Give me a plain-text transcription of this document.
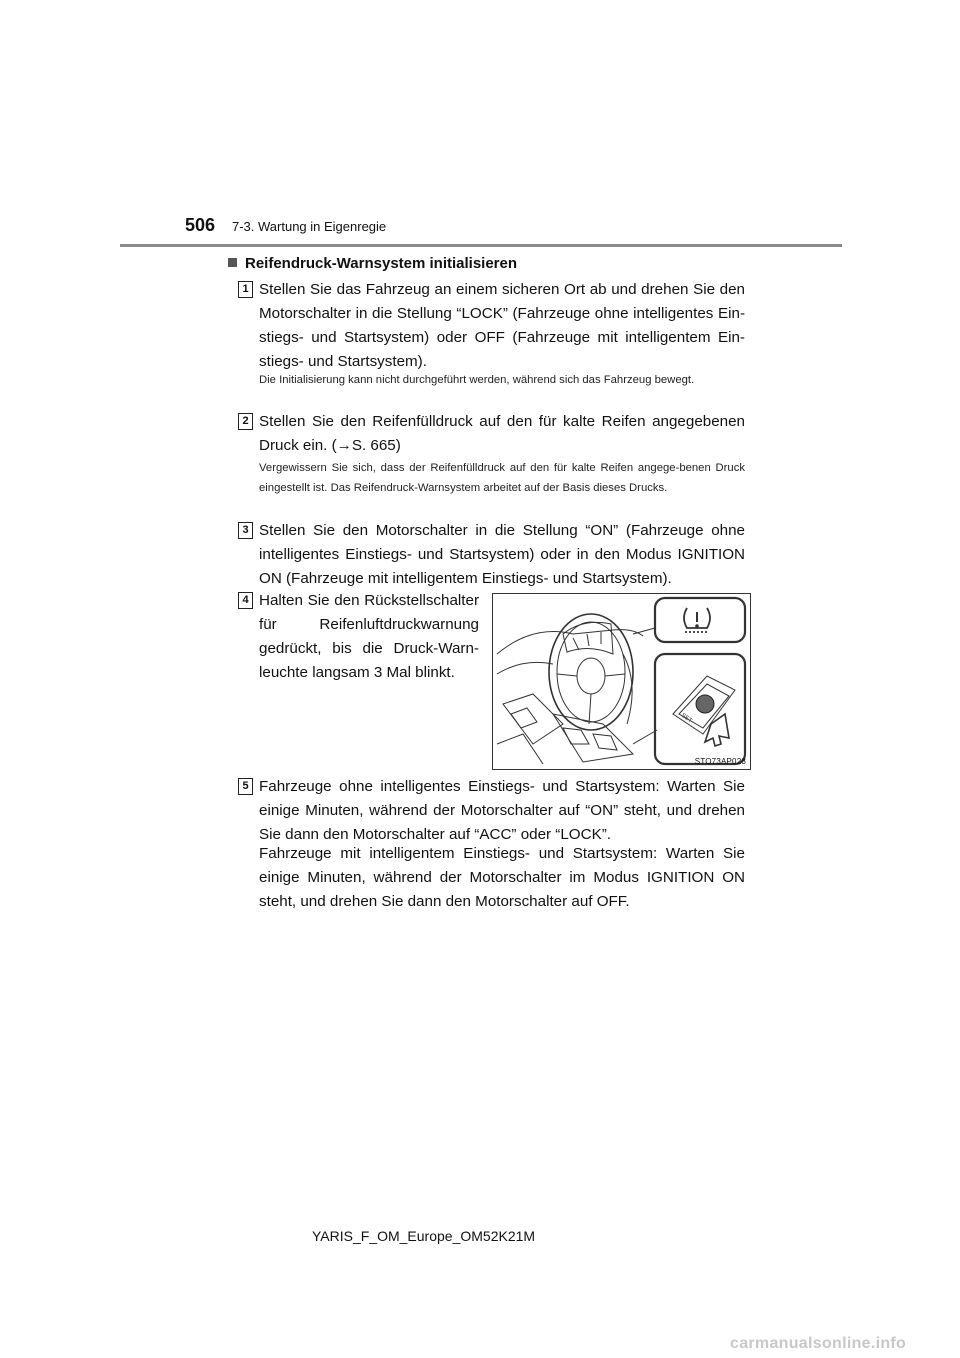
506 7-3. Wartung in Eigenregie
Reifendruck-Warnsystem initialisieren
1 Stellen Sie das Fahrzeug an einem sicheren Ort ab und drehen Sie den Motorschalter in die Stellung “LOCK” (Fahrzeuge ohne intelligentes Ein-stiegs- und Startsystem) oder OFF (Fahrzeuge mit intelligentem Ein-stiegs- und Startsystem).
Die Initialisierung kann nicht durchgeführt werden, während sich das Fahrzeug bewegt.
2 Stellen Sie den Reifenfülldruck auf den für kalte Reifen angegebenen Druck ein. (→S. 665)
Vergewissern Sie sich, dass der Reifenfülldruck auf den für kalte Reifen angege-benen Druck eingestellt ist. Das Reifendruck-Warnsystem arbeitet auf der Basis dieses Drucks.
3 Stellen Sie den Motorschalter in die Stellung “ON” (Fahrzeuge ohne intelligentes Einstiegs- und Startsystem) oder in den Modus IGNITION ON (Fahrzeuge mit intelligentem Einstiegs- und Startsystem).
4 Halten Sie den Rückstellschalter für Reifenluftdruckwarnung gedrückt, bis die Druck-Warn-leuchte langsam 3 Mal blinkt.
SET
STO73AP028
5 Fahrzeuge ohne intelligentes Einstiegs- und Startsystem: Warten Sie einige Minuten, während der Motorschalter auf “ON” steht, und drehen Sie dann den Motorschalter auf “ACC” oder “LOCK”.
Fahrzeuge mit intelligentem Einstiegs- und Startsystem: Warten Sie einige Minuten, während der Motorschalter im Modus IGNITION ON steht, und drehen Sie dann den Motorschalter auf OFF.
YARIS_F_OM_Europe_OM52K21M
carmanualsonline.info
